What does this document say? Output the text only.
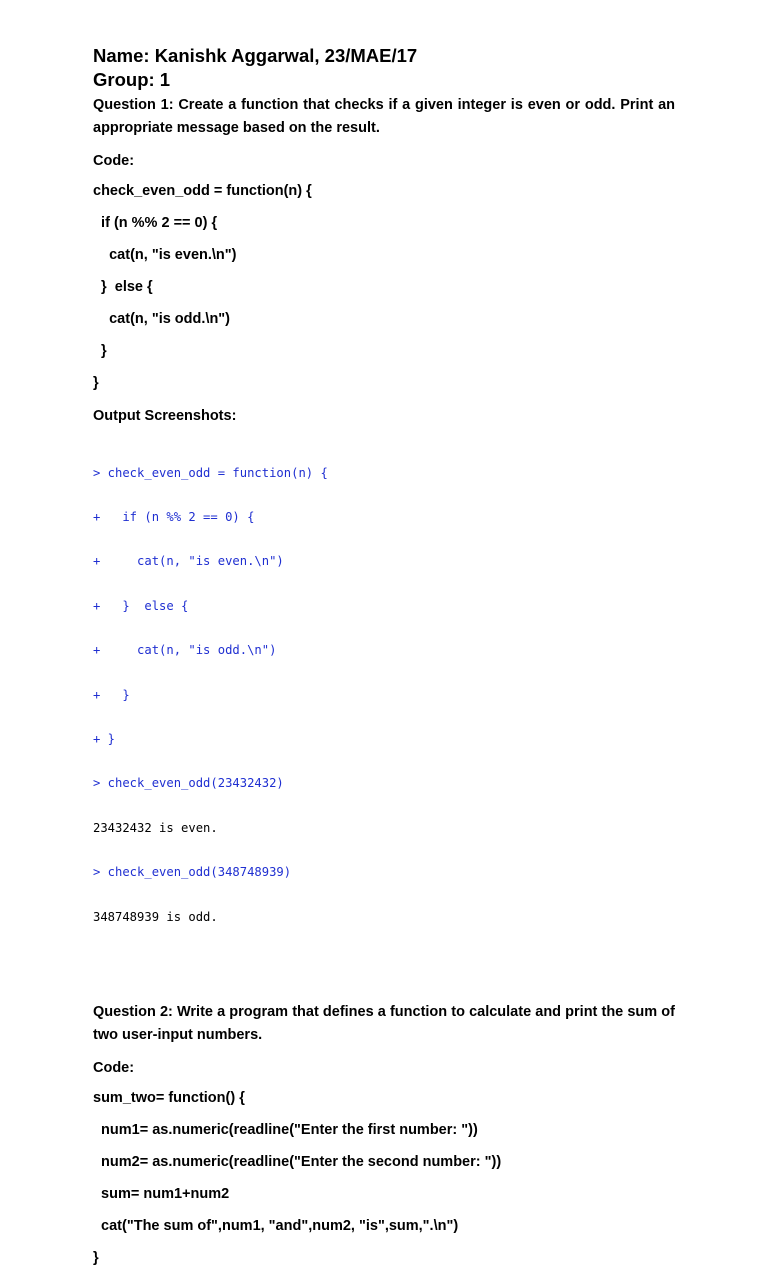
Name: Kanishk Aggarwal, 23/MAE/17
Group: 1

Question 1: Create a function that checks if a given integer is even or odd. Print an appropriate message based on the result.

Code:

check_even_odd = function(n) {

if (n %% 2 == 0) {

cat(n, "is even.\n")

}  else {

cat(n, "is odd.\n")

}

}

Output Screenshots:

> check_even_odd = function(n) {

+   if (n %% 2 == 0) {

+     cat(n, "is even.\n")

+   }  else {

+     cat(n, "is odd.\n")

+   }

+ }

> check_even_odd(23432432)

23432432 is even.

> check_even_odd(348748939)

348748939 is odd.

Question 2: Write a program that defines a function to calculate and print the sum of two user-input numbers.

Code:

sum_two= function() {

num1= as.numeric(readline("Enter the first number: "))

num2= as.numeric(readline("Enter the second number: "))

sum= num1+num2

cat("The sum of",num1, "and",num2, "is",sum,".\n")

}
